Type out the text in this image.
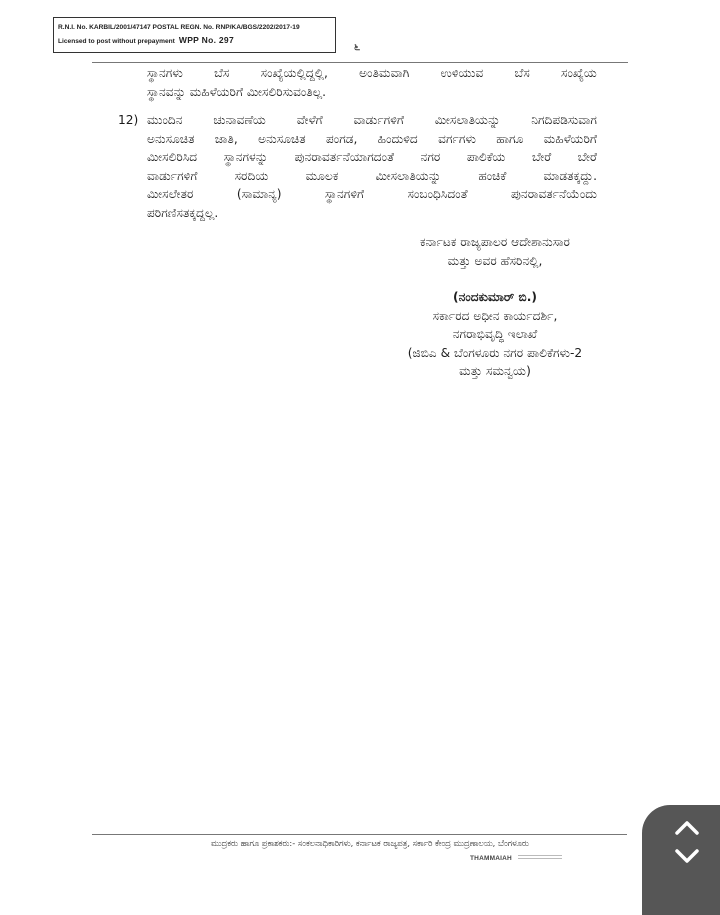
R.N.I. No. KARBIL/2001/47147 POSTAL REGN. No. RNP/KA/BGS/2202/2017-19
Licensed to post without prepayment WPP No. 297	೬
ಸ್ಥಾನಗಳು ಬೆಸ ಸಂಖ್ಯೆಯಲ್ಲಿದ್ದಲ್ಲಿ, ಅಂತಿಮವಾಗಿ ಉಳಿಯುವ ಬೆಸ ಸಂಖ್ಯೆಯ
ಸ್ಥಾನವನ್ನು ಮಹಿಳೆಯರಿಗೆ ಮೀಸಲಿರಿಸುವಂತಿಲ್ಲ.
12) ಮುಂದಿನ ಚುನಾವಣೆಯ ವೇಳೆಗೆ ವಾರ್ಡುಗಳಿಗೆ ಮೀಸಲಾತಿಯನ್ನು ನಿಗದಿಪಡಿಸುವಾಗ
ಅನುಸೂಚಿತ ಜಾತಿ, ಅನುಸೂಚಿತ ಪಂಗಡ, ಹಿಂದುಳಿದ ವರ್ಗಗಳು ಹಾಗೂ ಮಹಿಳೆಯರಿಗೆ
ಮೀಸಲಿರಿಸಿದ ಸ್ಥಾನಗಳನ್ನು ಪುನರಾವರ್ತನೆಯಾಗದಂತೆ ನಗರ ಪಾಲಿಕೆಯ ಬೇರೆ ಬೇರೆ
ವಾರ್ಡುಗಳಿಗೆ ಸರದಿಯ ಮೂಲಕ ಮೀಸಲಾತಿಯನ್ನು ಹಂಚಿಕೆ ಮಾಡತಕ್ಕದ್ದು.
ಮೀಸಲೇತರ (ಸಾಮಾನ್ಯ) ಸ್ಥಾನಗಳಿಗೆ ಸಂಬಂಧಿಸಿದಂತೆ ಪುನರಾವರ್ತನೆಯೆಂದು
ಪರಿಗಣಿಸತಕ್ಕದ್ದಲ್ಲ.
ಕರ್ನಾಟಕ ರಾಜ್ಯಪಾಲರ ಆದೇಶಾನುಸಾರ
ಮತ್ತು ಅವರ ಹೆಸರಿನಲ್ಲಿ,
(ನಂದಕುಮಾರ್ ಬಿ.)
ಸರ್ಕಾರದ ಅಧೀನ ಕಾರ್ಯದರ್ಶಿ,
ನಗರಾಭಿವೃದ್ಧಿ ಇಲಾಖೆ
(ಜಿಬಿಎ & ಬೆಂಗಳೂರು ನಗರ ಪಾಲಿಕೆಗಳು-2
ಮತ್ತು ಸಮನ್ವಯ)
ಮುದ್ರಕರು ಹಾಗೂ ಪ್ರಕಾಶಕರು:- ಸಂಕಲನಾಧಿಕಾರಿಗಳು, ಕರ್ನಾಟಕ ರಾಜ್ಯಪತ್ರ, ಸರ್ಕಾರಿ ಕೇಂದ್ರ ಮುದ್ರಣಾಲಯ, ಬೆಂಗಳೂರು
THAMMAIAH
